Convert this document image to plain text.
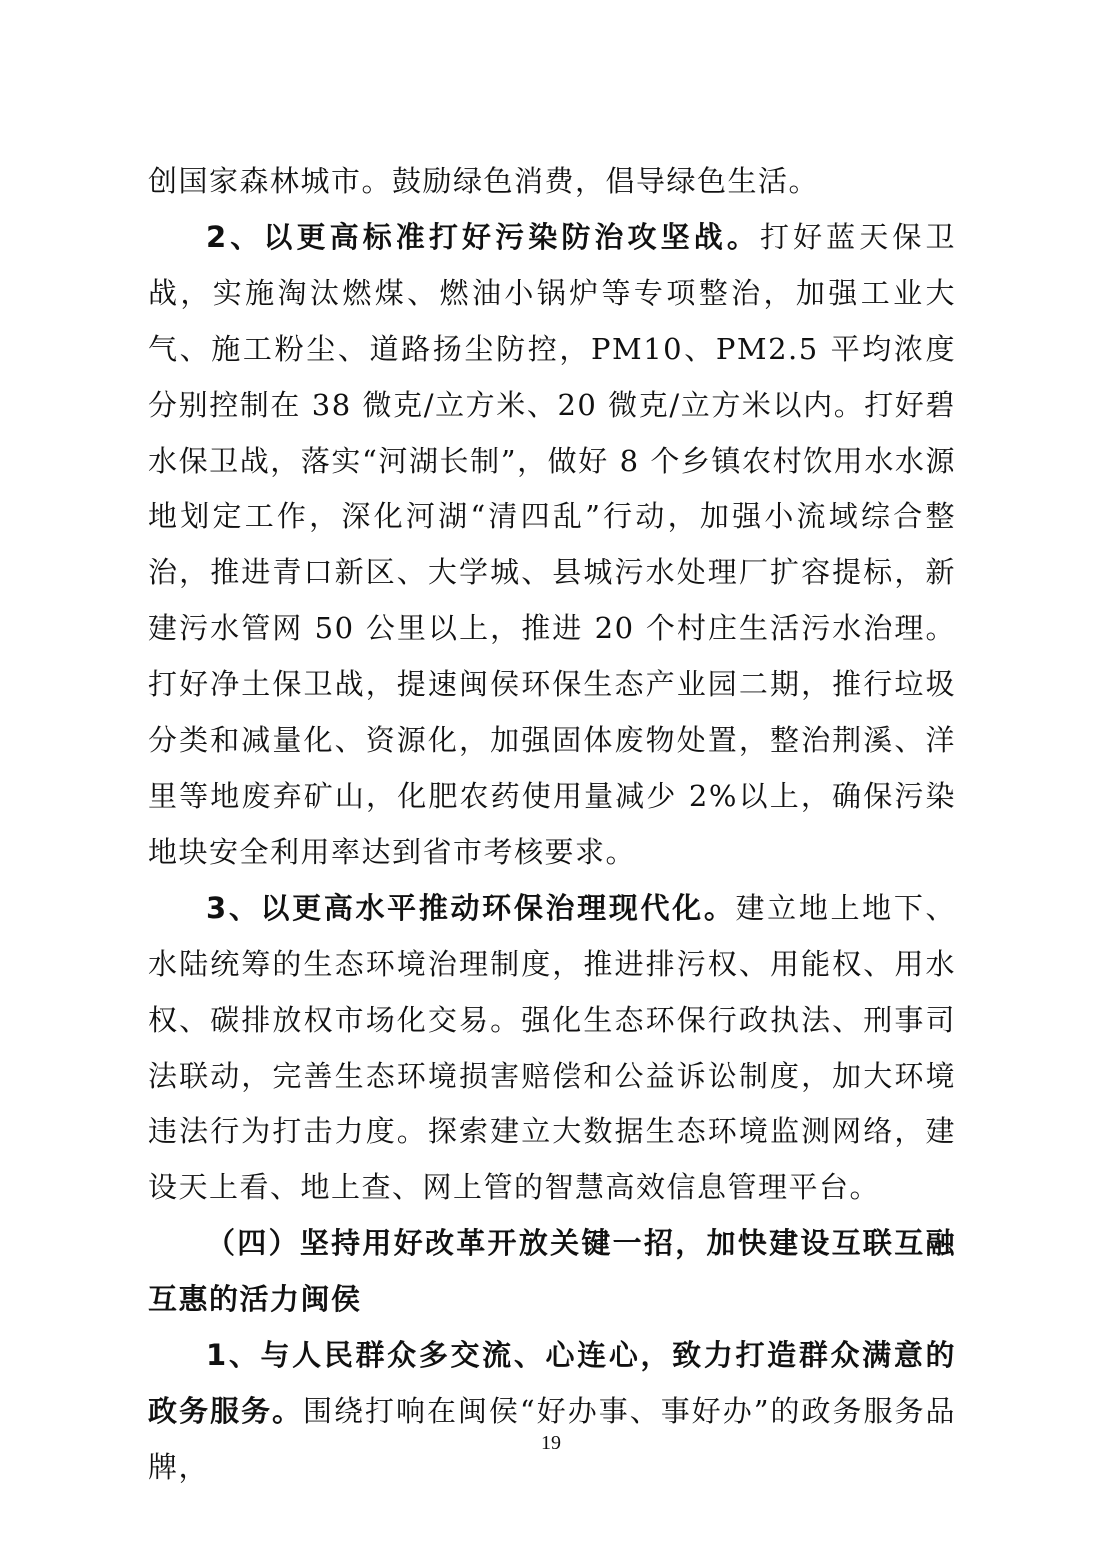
创国家森林城市。鼓励绿色消费，倡导绿色生活。

2、以更高标准打好污染防治攻坚战。打好蓝天保卫战，实施淘汰燃煤、燃油小锅炉等专项整治，加强工业大气、施工粉尘、道路扬尘防控，PM10、PM2.5 平均浓度分别控制在 38 微克/立方米、20 微克/立方米以内。打好碧水保卫战，落实“河湖长制”，做好 8 个乡镇农村饮用水水源地划定工作，深化河湖“清四乱”行动，加强小流域综合整治，推进青口新区、大学城、县城污水处理厂扩容提标，新建污水管网 50 公里以上，推进 20 个村庄生活污水治理。打好净土保卫战，提速闽侯环保生态产业园二期，推行垃圾分类和减量化、资源化，加强固体废物处置，整治荆溪、洋里等地废弃矿山，化肥农药使用量减少 2%以上，确保污染地块安全利用率达到省市考核要求。

3、以更高水平推动环保治理现代化。建立地上地下、水陆统筹的生态环境治理制度，推进排污权、用能权、用水权、碳排放权市场化交易。强化生态环保行政执法、刑事司法联动，完善生态环境损害赔偿和公益诉讼制度，加大环境违法行为打击力度。探索建立大数据生态环境监测网络，建设天上看、地上查、网上管的智慧高效信息管理平台。

（四）坚持用好改革开放关键一招，加快建设互联互融互惠的活力闽侯

1、与人民群众多交流、心连心，致力打造群众满意的政务服务。围绕打响在闽侯“好办事、事好办”的政务服务品牌，

19
